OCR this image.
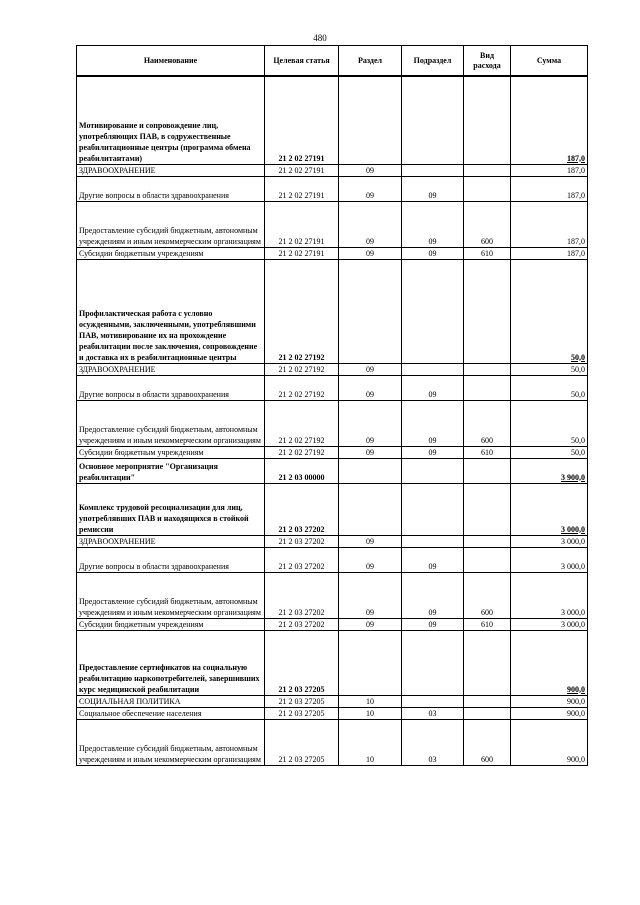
480
Наименование	Целевая статья	Раздел	Подраздел	Вид расхода	Сумма
Мотивирование и сопровождение лиц, употребляющих ПАВ, в содружественные реабилитационные центры (программа обмена реабилитантами)	21 2 02 27191				187,0
ЗДРАВООХРАНЕНИЕ	21 2 02 27191	09			187,0
Другие вопросы в области здравоохранения	21 2 02 27191	09	09		187,0
Предоставление субсидий бюджетным, автономным учреждениям и иным некоммерческим организациям	21 2 02 27191	09	09	600	187,0
Субсидии бюджетным учреждениям	21 2 02 27191	09	09	610	187,0
Профилактическая работа с условно осужденными, заключенными, употреблявшими ПАВ, мотивирование их на прохождение реабилитации после заключения, сопровождение и доставка их в реабилитационные центры	21 2 02 27192				50,0
ЗДРАВООХРАНЕНИЕ	21 2 02 27192	09			50,0
Другие вопросы в области здравоохранения	21 2 02 27192	09	09		50,0
Предоставление субсидий бюджетным, автономным учреждениям и иным некоммерческим организациям	21 2 02 27192	09	09	600	50,0
Субсидии бюджетным учреждениям	21 2 02 27192	09	09	610	50,0
Основное мероприятие "Организация реабилитации"	21 2 03 00000				3 900,0
Комплекс трудовой ресоциализации для лиц, употреблявших ПАВ и находящихся в стойкой ремиссии	21 2 03 27202				3 000,0
ЗДРАВООХРАНЕНИЕ	21 2 03 27202	09			3 000,0
Другие вопросы в области здравоохранения	21 2 03 27202	09	09		3 000,0
Предоставление субсидий бюджетным, автономным учреждениям и иным некоммерческим организациям	21 2 03 27202	09	09	600	3 000,0
Субсидии бюджетным учреждениям	21 2 03 27202	09	09	610	3 000,0
Предоставление сертификатов на социальную реабилитацию наркопотребителей, завершивших курс медицинской реабилитации	21 2 03 27205				900,0
СОЦИАЛЬНАЯ ПОЛИТИКА	21 2 03 27205	10			900,0
Социальное обеспечение населения	21 2 03 27205	10	03		900,0
Предоставление субсидий бюджетным, автономным учреждениям и иным некоммерческим организациям	21 2 03 27205	10	03	600	900,0
